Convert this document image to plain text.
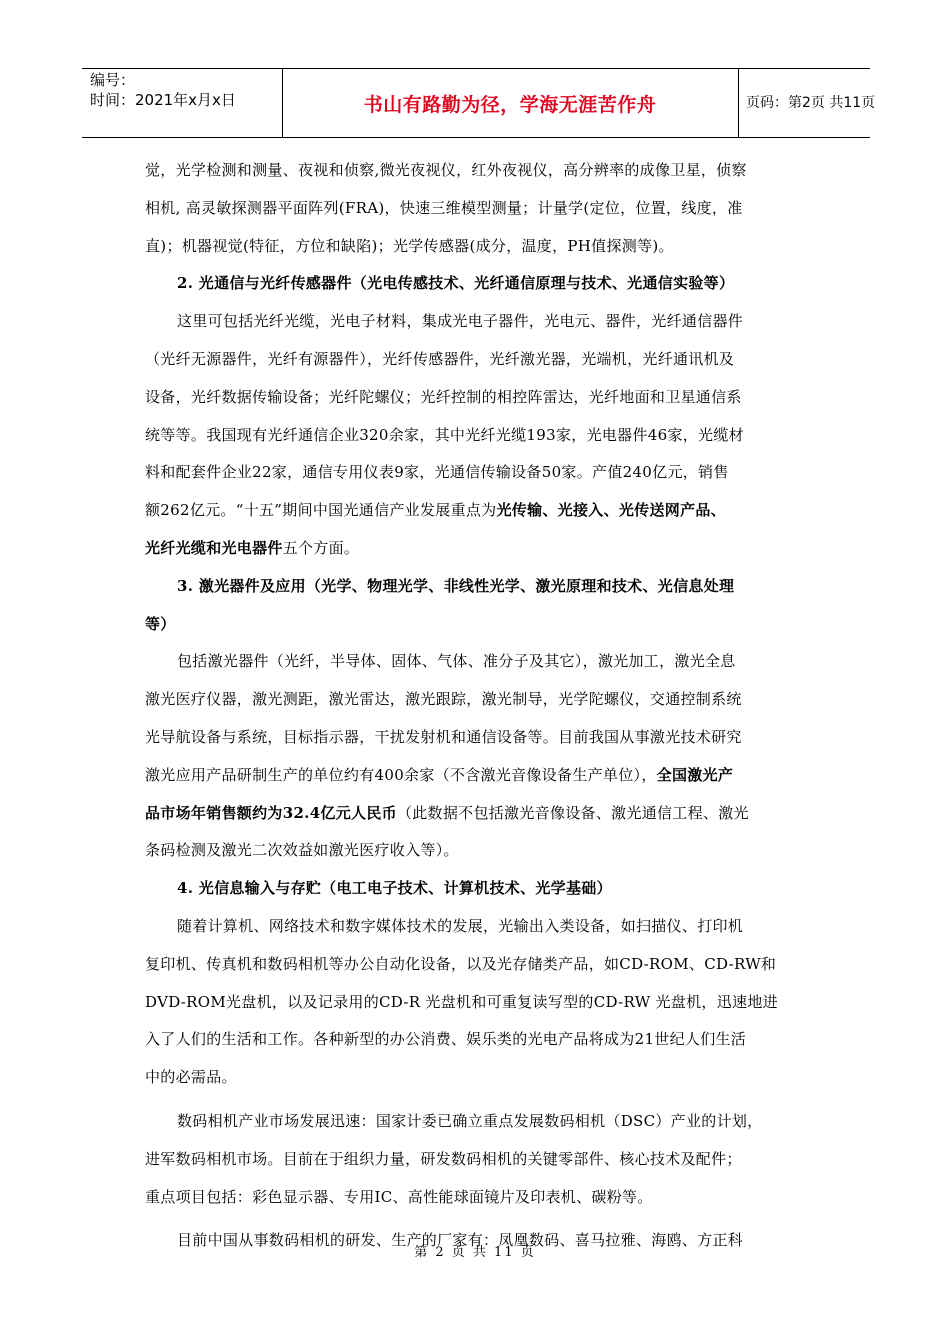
编号：
时间：2021年x月x日	书山有路勤为径，学海无涯苦作舟	页码：第2页 共11页
觉，光学检测和测量、夜视和侦察,微光夜视仪，红外夜视仪，高分辨率的成像卫星，侦察
相机, 高灵敏探测器平面阵列(FRA)，快速三维模型测量；计量学(定位，位置，线度，准
直)；机器视觉(特征，方位和缺陷)；光学传感器(成分，温度，PH值探测等)。
2. 光通信与光纤传感器件（光电传感技术、光纤通信原理与技术、光通信实验等）
这里可包括光纤光缆，光电子材料，集成光电子器件，光电元、器件，光纤通信器件
（光纤无源器件，光纤有源器件），光纤传感器件，光纤激光器，光端机，光纤通讯机及
设备，光纤数据传输设备；光纤陀螺仪；光纤控制的相控阵雷达，光纤地面和卫星通信系
统等等。我国现有光纤通信企业320余家，其中光纤光缆193家，光电器件46家，光缆材
料和配套件企业22家，通信专用仪表9家，光通信传输设备50家。产值240亿元，销售
额262亿元。“十五”期间中国光通信产业发展重点为光传输、光接入、光传送网产品、
光纤光缆和光电器件五个方面。
3. 激光器件及应用（光学、物理光学、非线性光学、激光原理和技术、光信息处理
等）
包括激光器件（光纤，半导体、固体、气体、准分子及其它），激光加工，激光全息
激光医疗仪器，激光测距，激光雷达，激光跟踪，激光制导，光学陀螺仪，交通控制系统
光导航设备与系统，目标指示器，干扰发射机和通信设备等。目前我国从事激光技术研究
激光应用产品研制生产的单位约有400余家（不含激光音像设备生产单位），全国激光产
品市场年销售额约为32.4亿元人民币（此数据不包括激光音像设备、激光通信工程、激光
条码检测及激光二次效益如激光医疗收入等）。
4. 光信息输入与存贮（电工电子技术、计算机技术、光学基础）
随着计算机、网络技术和数字媒体技术的发展，光输出入类设备，如扫描仪、打印机
复印机、传真机和数码相机等办公自动化设备，以及光存储类产品，如CD-ROM、CD-RW和
DVD-ROM光盘机，以及记录用的CD-R 光盘机和可重复读写型的CD-RW 光盘机，迅速地进
入了人们的生活和工作。各种新型的办公消费、娱乐类的光电产品将成为21世纪人们生活
中的必需品。
数码相机产业市场发展迅速：国家计委已确立重点发展数码相机（DSC）产业的计划，
进军数码相机市场。目前在于组织力量，研发数码相机的关键零部件、核心技术及配件；
重点项目包括：彩色显示器、专用IC、高性能球面镜片及印表机、碳粉等。
目前中国从事数码相机的研发、生产的厂家有：凤凰数码、喜马拉雅、海鸥、方正科
第 2 页 共 11 页
